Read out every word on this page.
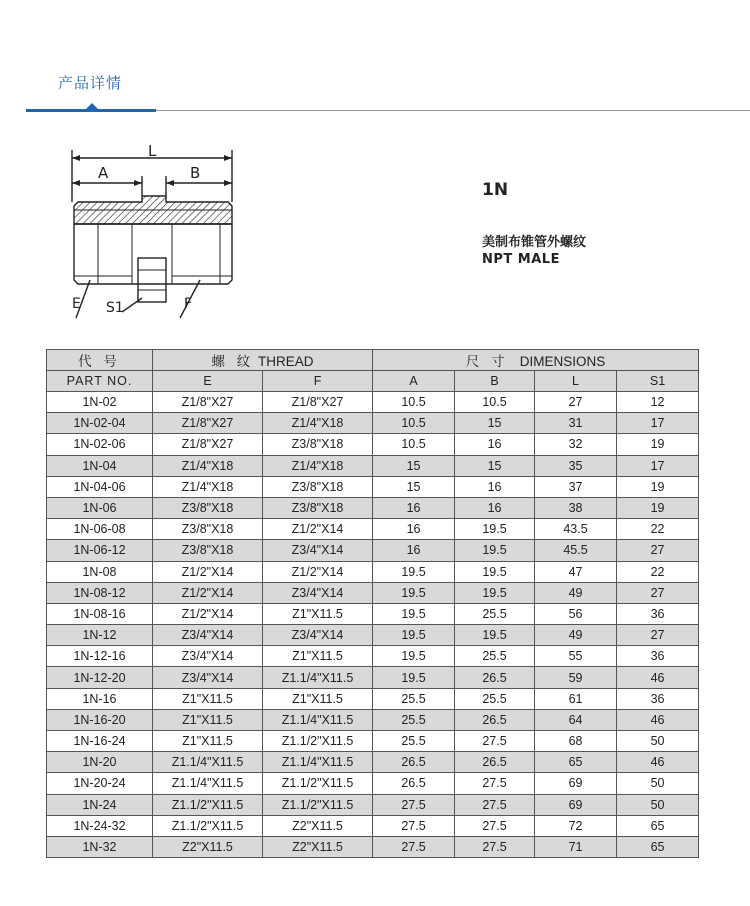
产品详情
L
A	B
E S1	F
1N
美制布锥管外螺纹
NPT MALE
代 号	螺 纹 THREAD		尺 寸 DIMENSIONS			
PART NO.	E	F	A	B	L	S1
1N-02	Z1/8"X27	Z1/8"X27	10.5	10.5	27	12
1N-02-04	Z1/8"X27	Z1/4"X18	10.5	15	31	17
1N-02-06	Z1/8"X27	Z3/8"X18	10.5	16	32	19
1N-04	Z1/4"X18	Z1/4"X18	15	15	35	17
1N-04-06	Z1/4"X18	Z3/8"X18	15	16	37	19
1N-06	Z3/8"X18	Z3/8"X18	16	16	38	19
1N-06-08	Z3/8"X18	Z1/2"X14	16	19.5	43.5	22
1N-06-12	Z3/8"X18	Z3/4"X14	16	19.5	45.5	27
1N-08	Z1/2"X14	Z1/2"X14	19.5	19.5	47	22
1N-08-12	Z1/2"X14	Z3/4"X14	19.5	19.5	49	27
1N-08-16	Z1/2"X14	Z1"X11.5	19.5	25.5	56	36
1N-12	Z3/4"X14	Z3/4"X14	19.5	19.5	49	27
1N-12-16	Z3/4"X14	Z1"X11.5	19.5	25.5	55	36
1N-12-20	Z3/4"X14	Z1.1/4"X11.5	19.5	26.5	59	46
1N-16	Z1"X11.5	Z1"X11.5	25.5	25.5	61	36
1N-16-20	Z1"X11.5	Z1.1/4"X11.5	25.5	26.5	64	46
1N-16-24	Z1"X11.5	Z1.1/2"X11.5	25.5	27.5	68	50
1N-20	Z1.1/4"X11.5	Z1.1/4"X11.5	26.5	26.5	65	46
1N-20-24	Z1.1/4"X11.5	Z1.1/2"X11.5	26.5	27.5	69	50
1N-24	Z1.1/2"X11.5	Z1.1/2"X11.5	27.5	27.5	69	50
1N-24-32	Z1.1/2"X11.5	Z2"X11.5	27.5	27.5	72	65
1N-32	Z2"X11.5	Z2"X11.5	27.5	27.5	71	65
